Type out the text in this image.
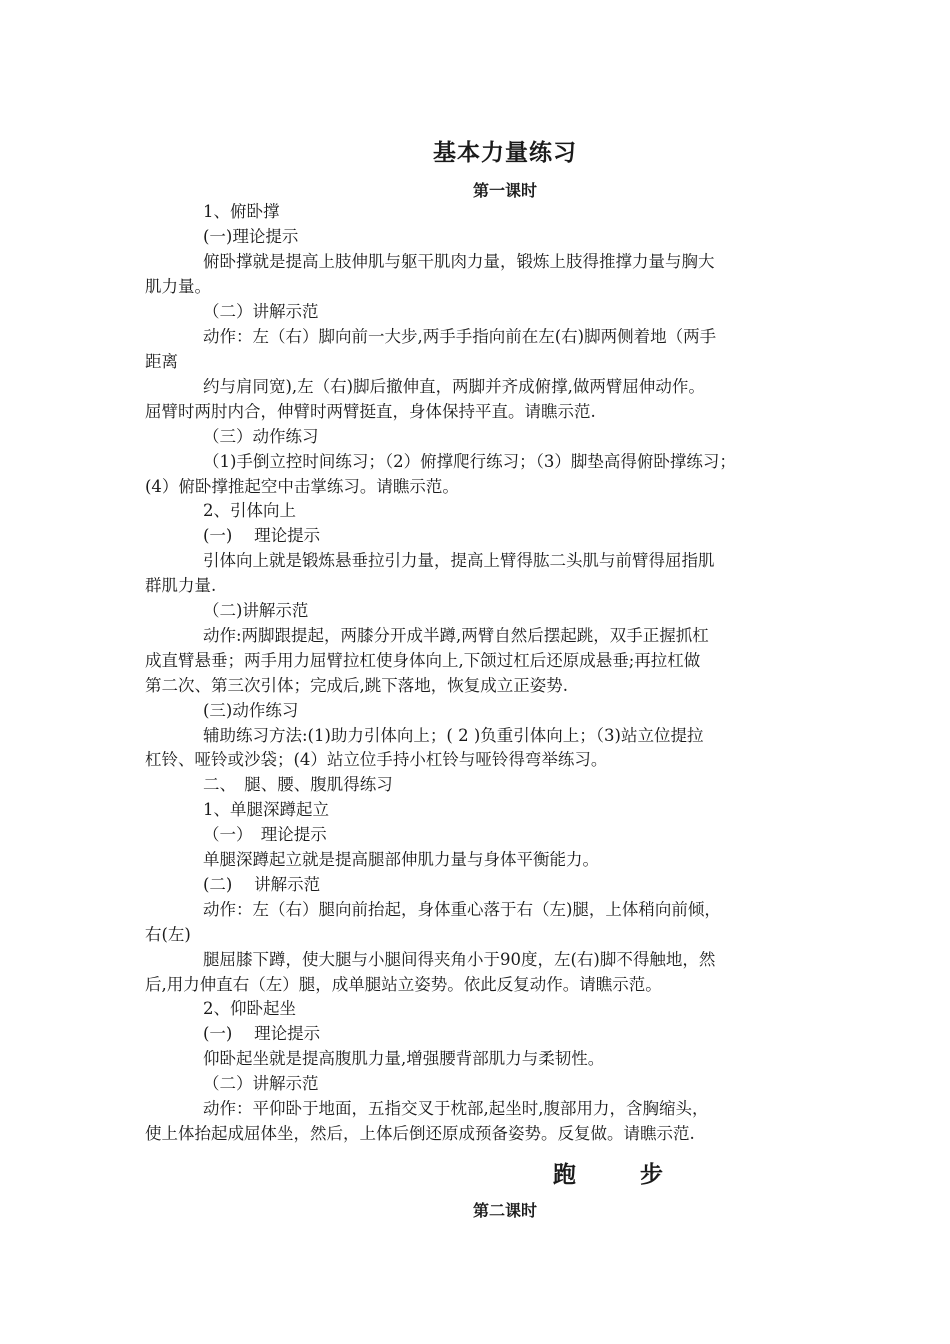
基本力量练习
第一课时
1、俯卧撑
(一)理论提示
俯卧撑就是提高上肢伸肌与躯干肌肉力量，锻炼上肢得推撑力量与胸大
肌力量。
（二）讲解示范
动作：左（右）脚向前一大步,两手手指向前在左(右)脚两侧着地（两手
距离
约与肩同宽),左（右)脚后撤伸直，两脚并齐成俯撑,做两臂屈伸动作。
屈臂时两肘内合，伸臂时两臂挺直，身体保持平直。请瞧示范.
（三）动作练习
（1)手倒立控时间练习；（2）俯撑爬行练习；（3）脚垫高得俯卧撑练习；
(4）俯卧撑推起空中击掌练习。请瞧示范。
2、引体向上
(一)　 理论提示
引体向上就是锻炼悬垂拉引力量，提高上臂得肱二头肌与前臂得屈指肌
群肌力量.
（二)讲解示范
动作:两脚跟提起，两膝分开成半蹲,两臂自然后摆起跳，双手正握抓杠
成直臂悬垂；两手用力屈臂拉杠使身体向上,下颌过杠后还原成悬垂;再拉杠做
第二次、第三次引体；完成后,跳下落地，恢复成立正姿势.
(三)动作练习
辅助练习方法:(1)助力引体向上；( 2 )负重引体向上；（3)站立位提拉
杠铃、哑铃或沙袋；(4）站立位手持小杠铃与哑铃得弯举练习。
二、　腿、腰、腹肌得练习
1、单腿深蹲起立
（一）　理论提示
单腿深蹲起立就是提高腿部伸肌力量与身体平衡能力。
(二)　 讲解示范
动作：左（右）腿向前抬起，身体重心落于右（左)腿，上体稍向前倾，
右(左)
腿屈膝下蹲，使大腿与小腿间得夹角小于90度，左(右)脚不得触地，然
后,用力伸直右（左）腿，成单腿站立姿势。依此反复动作。请瞧示范。
2、仰卧起坐
(一)　 理论提示
仰卧起坐就是提高腹肌力量,增强腰背部肌力与柔韧性。
（二）讲解示范
动作：平仰卧于地面，五指交叉于枕部,起坐时,腹部用力，含胸缩头，
使上体抬起成屈体坐，然后，上体后倒还原成预备姿势。反复做。请瞧示范.
跑	步
第二课时
